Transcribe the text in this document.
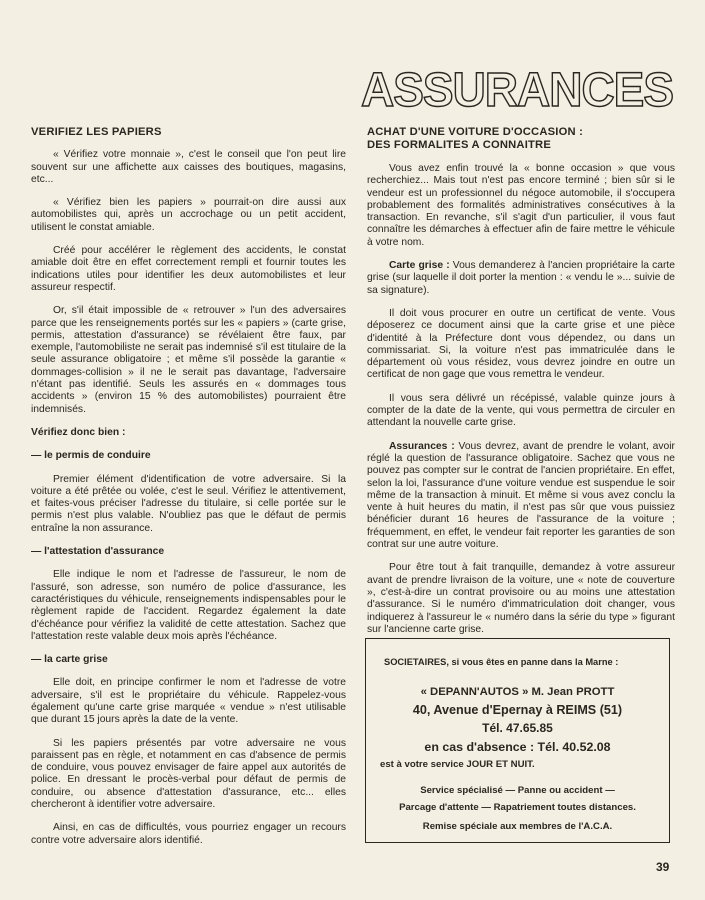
ASSURANCES

VERIFIEZ LES PAPIERS

« Vérifiez votre monnaie », c'est le conseil que l'on peut lire souvent sur une affichette aux caisses des boutiques, magasins, etc...

« Vérifiez bien les papiers » pourrait-on dire aussi aux automobilistes qui, après un accrochage ou un petit accident, utilisent le constat amiable.

Créé pour accélérer le règlement des accidents, le constat amiable doit être en effet correctement rempli et fournir toutes les indications utiles pour identifier les deux automobilistes et leur assureur respectif.

Or, s'il était impossible de « retrouver » l'un des adversaires parce que les renseignements portés sur les « papiers » (carte grise, permis, attestation d'assurance) se révélaient être faux, par exemple, l'automobiliste ne serait pas indemnisé s'il est titulaire de la seule assurance obligatoire ; et même s'il possède la garantie « dommages-collision » il ne le serait pas davantage, l'adversaire n'étant pas identifié. Seuls les assurés en « dommages tous accidents » (environ 15 % des automobilistes) pourraient être indemnisés.

Vérifiez donc bien :

— le permis de conduire

Premier élément d'identification de votre adversaire. Si la voiture a été prêtée ou volée, c'est le seul. Vérifiez le attentivement, et faites-vous préciser l'adresse du titulaire, si celle portée sur le permis n'est plus valable. N'oubliez pas que le défaut de permis entraîne la non assurance.

— l'attestation d'assurance

Elle indique le nom et l'adresse de l'assureur, le nom de l'assuré, son adresse, son numéro de police d'assurance, les caractéristiques du véhicule, renseignements indispensables pour le règlement rapide de l'accident. Regardez également la date d'échéance pour vérifiez la validité de cette attestation. Sachez que l'attestation reste valable deux mois après l'échéance.

— la carte grise

Elle doit, en principe confirmer le nom et l'adresse de votre adversaire, s'il est le propriétaire du véhicule. Rappelez-vous également qu'une carte grise marquée « vendue » n'est utilisable que durant 15 jours après la date de la vente.

Si les papiers présentés par votre adversaire ne vous paraissent pas en règle, et notamment en cas d'absence de permis de conduire, vous pouvez envisager de faire appel aux autorités de police. En dressant le procès-verbal pour défaut de permis de conduire, ou absence d'attestation d'assurance, etc... elles chercheront à identifier votre adversaire.

Ainsi, en cas de difficultés, vous pourriez engager un recours contre votre adversaire alors identifié.

ACHAT D'UNE VOITURE D'OCCASION :
DES FORMALITES A CONNAITRE

Vous avez enfin trouvé la « bonne occasion » que vous recherchiez... Mais tout n'est pas encore terminé ; bien sûr si le vendeur est un professionnel du négoce automobile, il s'occupera probablement des formalités administratives consécutives à la transaction. En revanche, s'il s'agit d'un particulier, il vous faut connaître les démarches à effectuer afin de faire mettre le véhicule à votre nom.

Carte grise : Vous demanderez à l'ancien propriétaire la carte grise (sur laquelle il doit porter la mention : « vendu le »... suivie de sa signature).

Il doit vous procurer en outre un certificat de vente. Vous déposerez ce document ainsi que la carte grise et une pièce d'identité à la Préfecture dont vous dépendez, ou dans un commissariat. Si, la voiture n'est pas immatriculée dans le département où vous résidez, vous devrez joindre en outre un certificat de non gage que vous remettra le vendeur.

Il vous sera délivré un récépissé, valable quinze jours à compter de la date de la vente, qui vous permettra de circuler en attendant la nouvelle carte grise.

Assurances : Vous devrez, avant de prendre le volant, avoir réglé la question de l'assurance obligatoire. Sachez que vous ne pouvez pas compter sur le contrat de l'ancien propriétaire. En effet, selon la loi, l'assurance d'une voiture vendue est suspendue le soir même de la transaction à minuit. Et même si vous avez conclu la vente à huit heures du matin, il n'est pas sûr que vous puissiez bénéficier durant 16 heures de l'assurance de la voiture ; fréquemment, en effet, le vendeur fait reporter les garanties de son contrat sur une autre voiture.

Pour être tout à fait tranquille, demandez à votre assureur avant de prendre livraison de la voiture, une « note de couverture », c'est-à-dire un contrat provisoire ou au moins une attestation d'assurance. Si le numéro d'immatriculation doit changer, vous indiquerez à l'assureur le « numéro dans la série du type » figurant sur l'ancienne carte grise.

SOCIETAIRES, si vous êtes en panne dans la Marne :
« DEPANN'AUTOS » M. Jean PROTT
40, Avenue d'Epernay à REIMS (51)
Tél. 47.65.85
en cas d'absence : Tél. 40.52.08
est à votre service JOUR ET NUIT.
Service spécialisé — Panne ou accident —
Parcage d'attente — Rapatriement toutes distances.
Remise spéciale aux membres de l'A.C.A.
39
